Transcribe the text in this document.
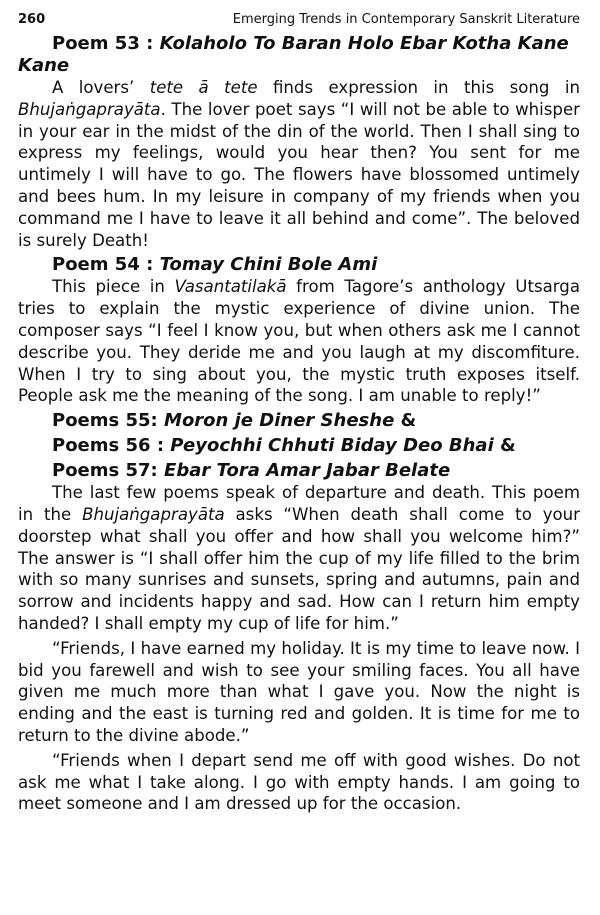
260	Emerging Trends in Contemporary Sanskrit Literature
Poem 53 : Kolaholo To Baran Holo Ebar Kotha Kane
Kane

A lovers’ tete ā tete finds expression in this song in Bhujaṅgaprayāta. The lover poet says “I will not be able to whisper in your ear in the midst of the din of the world. Then I shall sing to express my feelings, would you hear then? You sent for me untimely I will have to go. The flowers have blossomed untimely and bees hum. In my leisure in company of my friends when you command me I have to leave it all behind and come”. The beloved is surely Death!

Poem 54 : Tomay Chini Bole Ami

This piece in Vasantatilakā from Tagore’s anthology Utsarga tries to explain the mystic experience of divine union. The composer says “I feel I know you, but when others ask me I cannot describe you. They deride me and you laugh at my discomfiture. When I try to sing about you, the mystic truth exposes itself. People ask me the meaning of the song. I am unable to reply!”

Poems 55: Moron je Diner Sheshe &
Poems 56 : Peyochhi Chhuti Biday Deo Bhai &
Poems 57: Ebar Tora Amar Jabar Belate

The last few poems speak of departure and death. This poem in the Bhujaṅgaprayāta asks “When death shall come to your doorstep what shall you offer and how shall you welcome him?” The answer is “I shall offer him the cup of my life filled to the brim with so many sunrises and sunsets, spring and autumns, pain and sorrow and incidents happy and sad. How can I return him empty handed? I shall empty my cup of life for him.”

“Friends, I have earned my holiday. It is my time to leave now. I bid you farewell and wish to see your smiling faces. You all have given me much more than what I gave you. Now the night is ending and the east is turning red and golden. It is time for me to return to the divine abode.”

“Friends when I depart send me off with good wishes. Do not ask me what I take along. I go with empty hands. I am going to meet someone and I am dressed up for the occasion.
